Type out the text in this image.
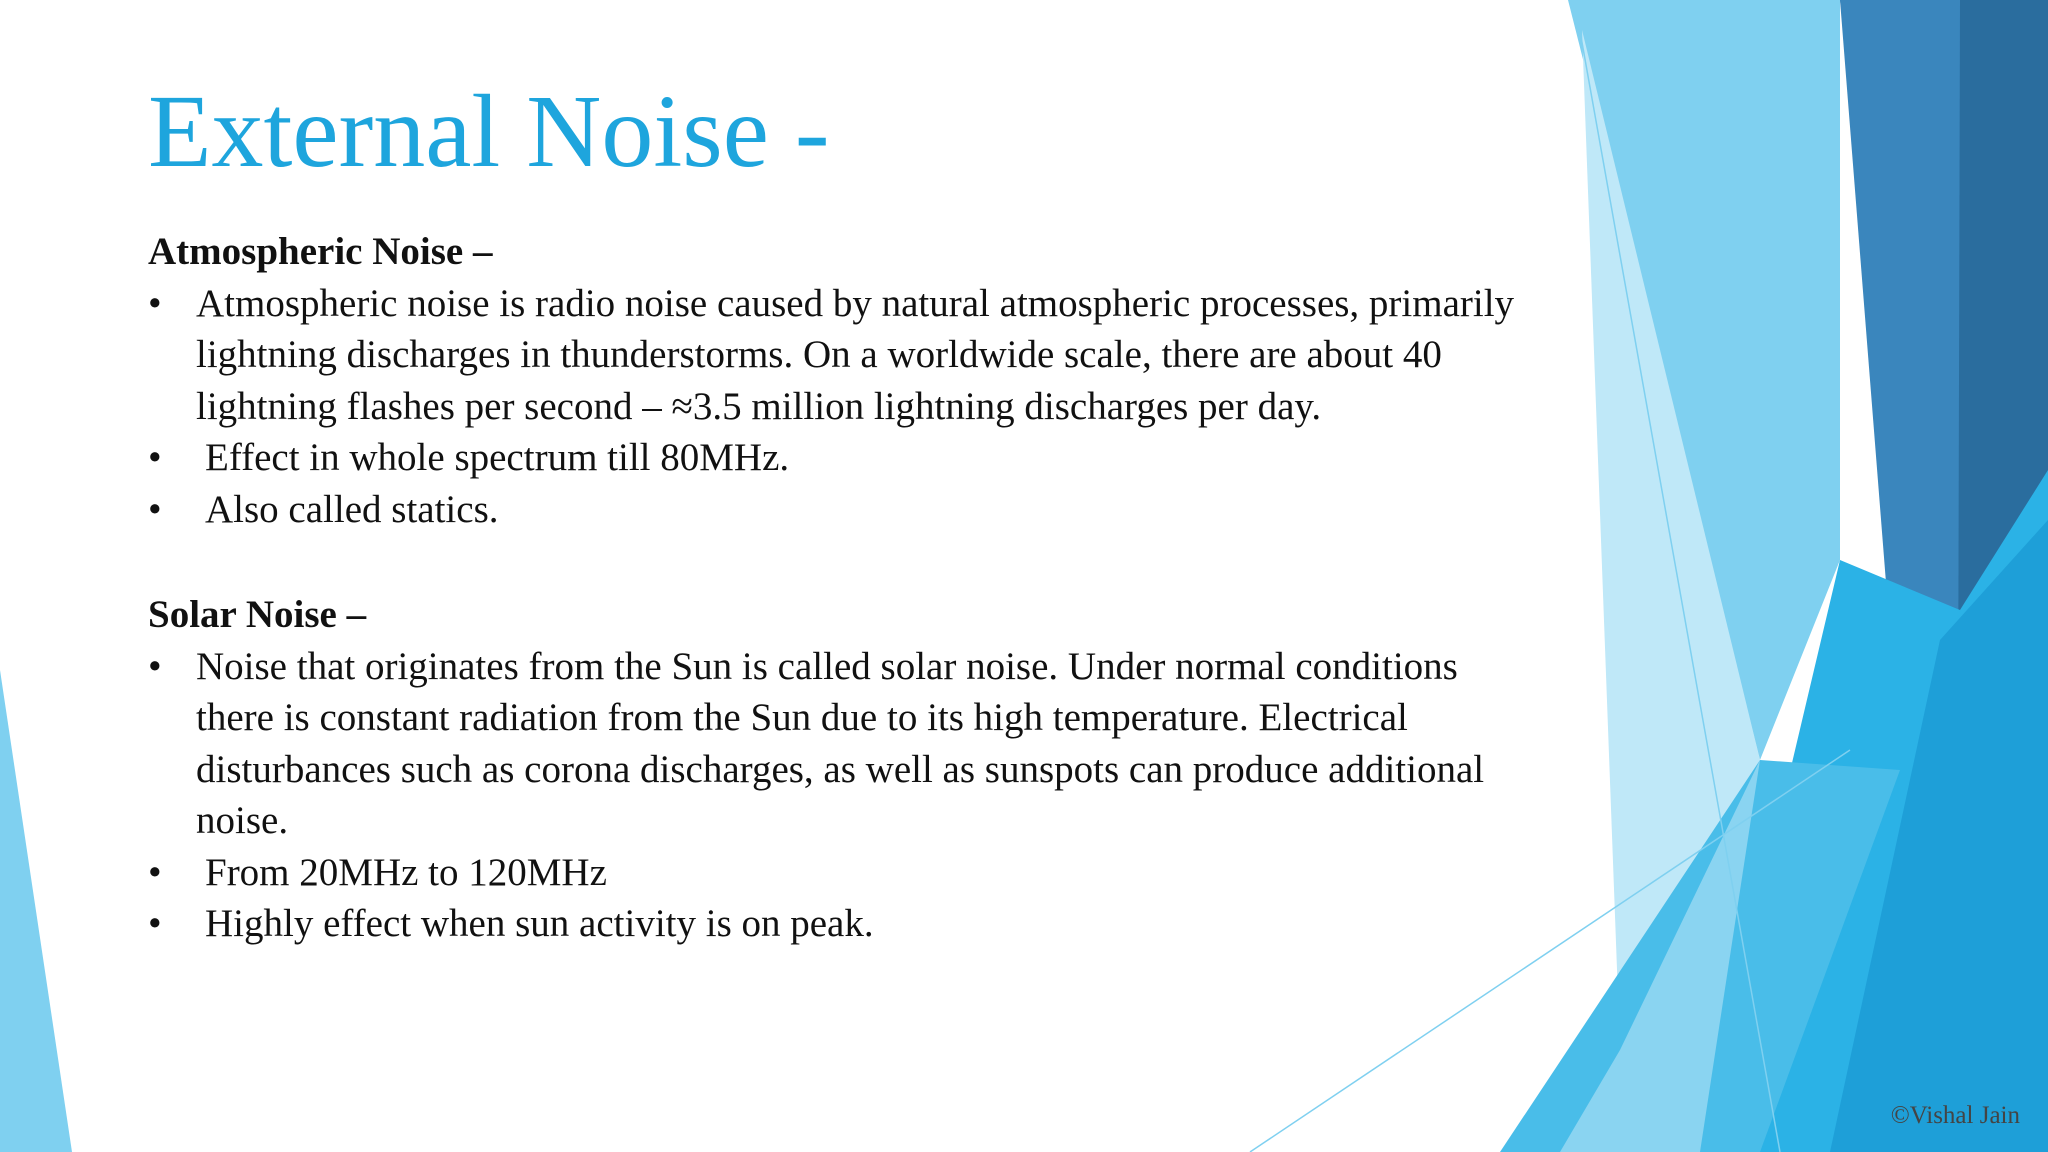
External Noise -

Atmospheric Noise –

• Atmospheric noise is radio noise caused by natural atmospheric processes, primarily lightning discharges in thunderstorms. On a worldwide scale, there are about 40 lightning flashes per second – ≈3.5 million lightning discharges per day.
• Effect in whole spectrum till 80MHz.
• Also called statics.

Solar Noise –

• Noise that originates from the Sun is called solar noise. Under normal conditions there is constant radiation from the Sun due to its high temperature. Electrical disturbances such as corona discharges, as well as sunspots can produce additional noise.
• From 20MHz to 120MHz
• Highly effect when sun activity is on peak.
©Vishal Jain
